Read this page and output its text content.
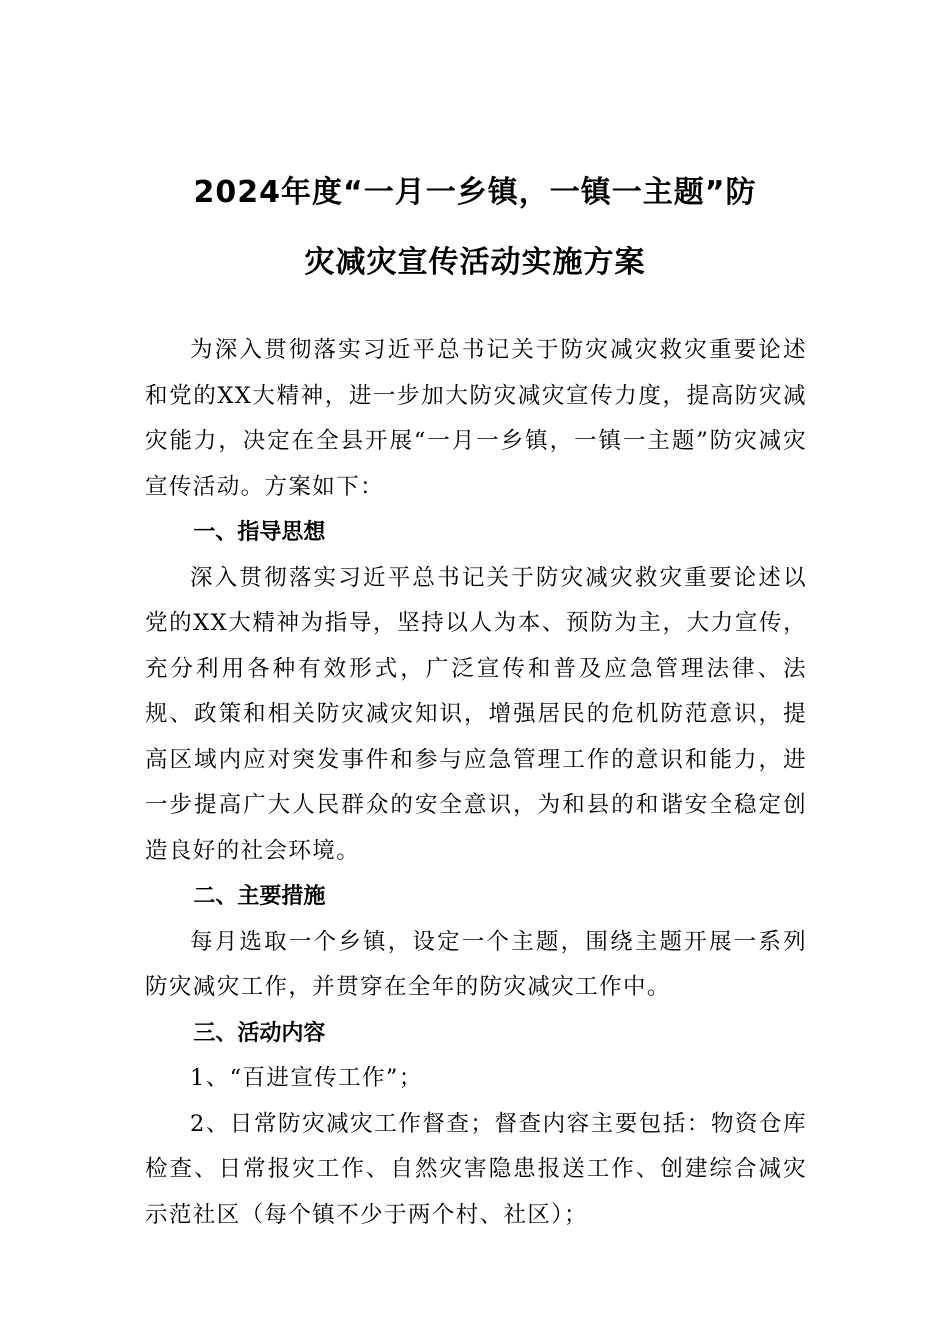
2024年度“一月一乡镇，一镇一主题”防
灾减灾宣传活动实施方案

为深入贯彻落实习近平总书记关于防灾减灾救灾重要论述和党的XX大精神，进一步加大防灾减灾宣传力度，提高防灾减灾能力，决定在全县开展“一月一乡镇，一镇一主题”防灾减灾宣传活动。方案如下：

一、指导思想

深入贯彻落实习近平总书记关于防灾减灾救灾重要论述以党的XX大精神为指导，坚持以人为本、预防为主，大力宣传，充分利用各种有效形式，广泛宣传和普及应急管理法律、法规、政策和相关防灾减灾知识，增强居民的危机防范意识，提高区域内应对突发事件和参与应急管理工作的意识和能力，进一步提高广大人民群众的安全意识，为和县的和谐安全稳定创造良好的社会环境。

二、主要措施

每月选取一个乡镇，设定一个主题，围绕主题开展一系列防灾减灾工作，并贯穿在全年的防灾减灾工作中。

三、活动内容

1、“百进宣传工作”；

2、日常防灾减灾工作督查；督查内容主要包括：物资仓库检查、日常报灾工作、自然灾害隐患报送工作、创建综合减灾示范社区（每个镇不少于两个村、社区）；
